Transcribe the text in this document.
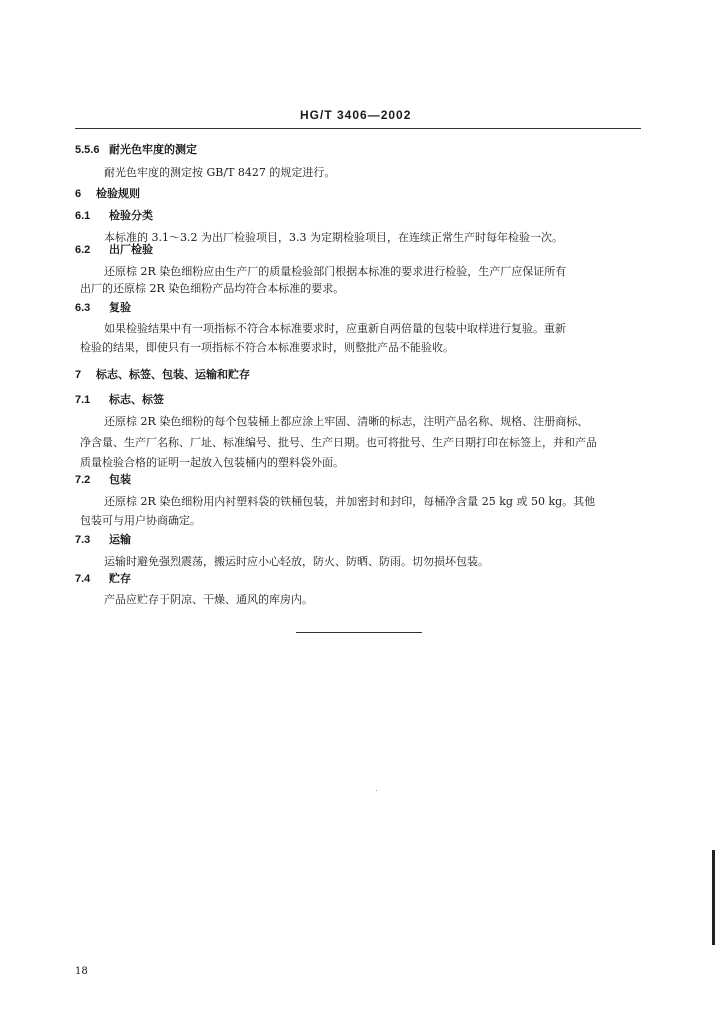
HG/T 3406—2002
5.5.6 耐光色牢度的测定
耐光色牢度的测定按 GB/T 8427 的规定进行。
6 检验规则
6.1 检验分类
本标准的 3.1～3.2 为出厂检验项目，3.3 为定期检验项目，在连续正常生产时每年检验一次。
6.2 出厂检验
还原棕 2R 染色细粉应由生产厂的质量检验部门根据本标准的要求进行检验，生产厂应保证所有
出厂的还原棕 2R 染色细粉产品均符合本标准的要求。
6.3 复验
如果检验结果中有一项指标不符合本标准要求时，应重新自两倍量的包装中取样进行复验。重新
检验的结果，即使只有一项指标不符合本标准要求时，则整批产品不能验收。
7 标志、标签、包装、运输和贮存
7.1 标志、标签
还原棕 2R 染色细粉的每个包装桶上都应涂上牢固、清晰的标志，注明产品名称、规格、注册商标、
净含量、生产厂名称、厂址、标准编号、批号、生产日期。也可将批号、生产日期打印在标签上，并和产品
质量检验合格的证明一起放入包装桶内的塑料袋外面。
7.2 包装
还原棕 2R 染色细粉用内衬塑料袋的铁桶包装，并加密封和封印，每桶净含量 25 kg 或 50 kg。其他
包装可与用户协商确定。
7.3 运输
运输时避免强烈震荡，搬运时应小心轻放，防火、防晒、防雨。切勿损坏包装。
7.4 贮存
产品应贮存于阴凉、干燥、通风的库房内。
18
